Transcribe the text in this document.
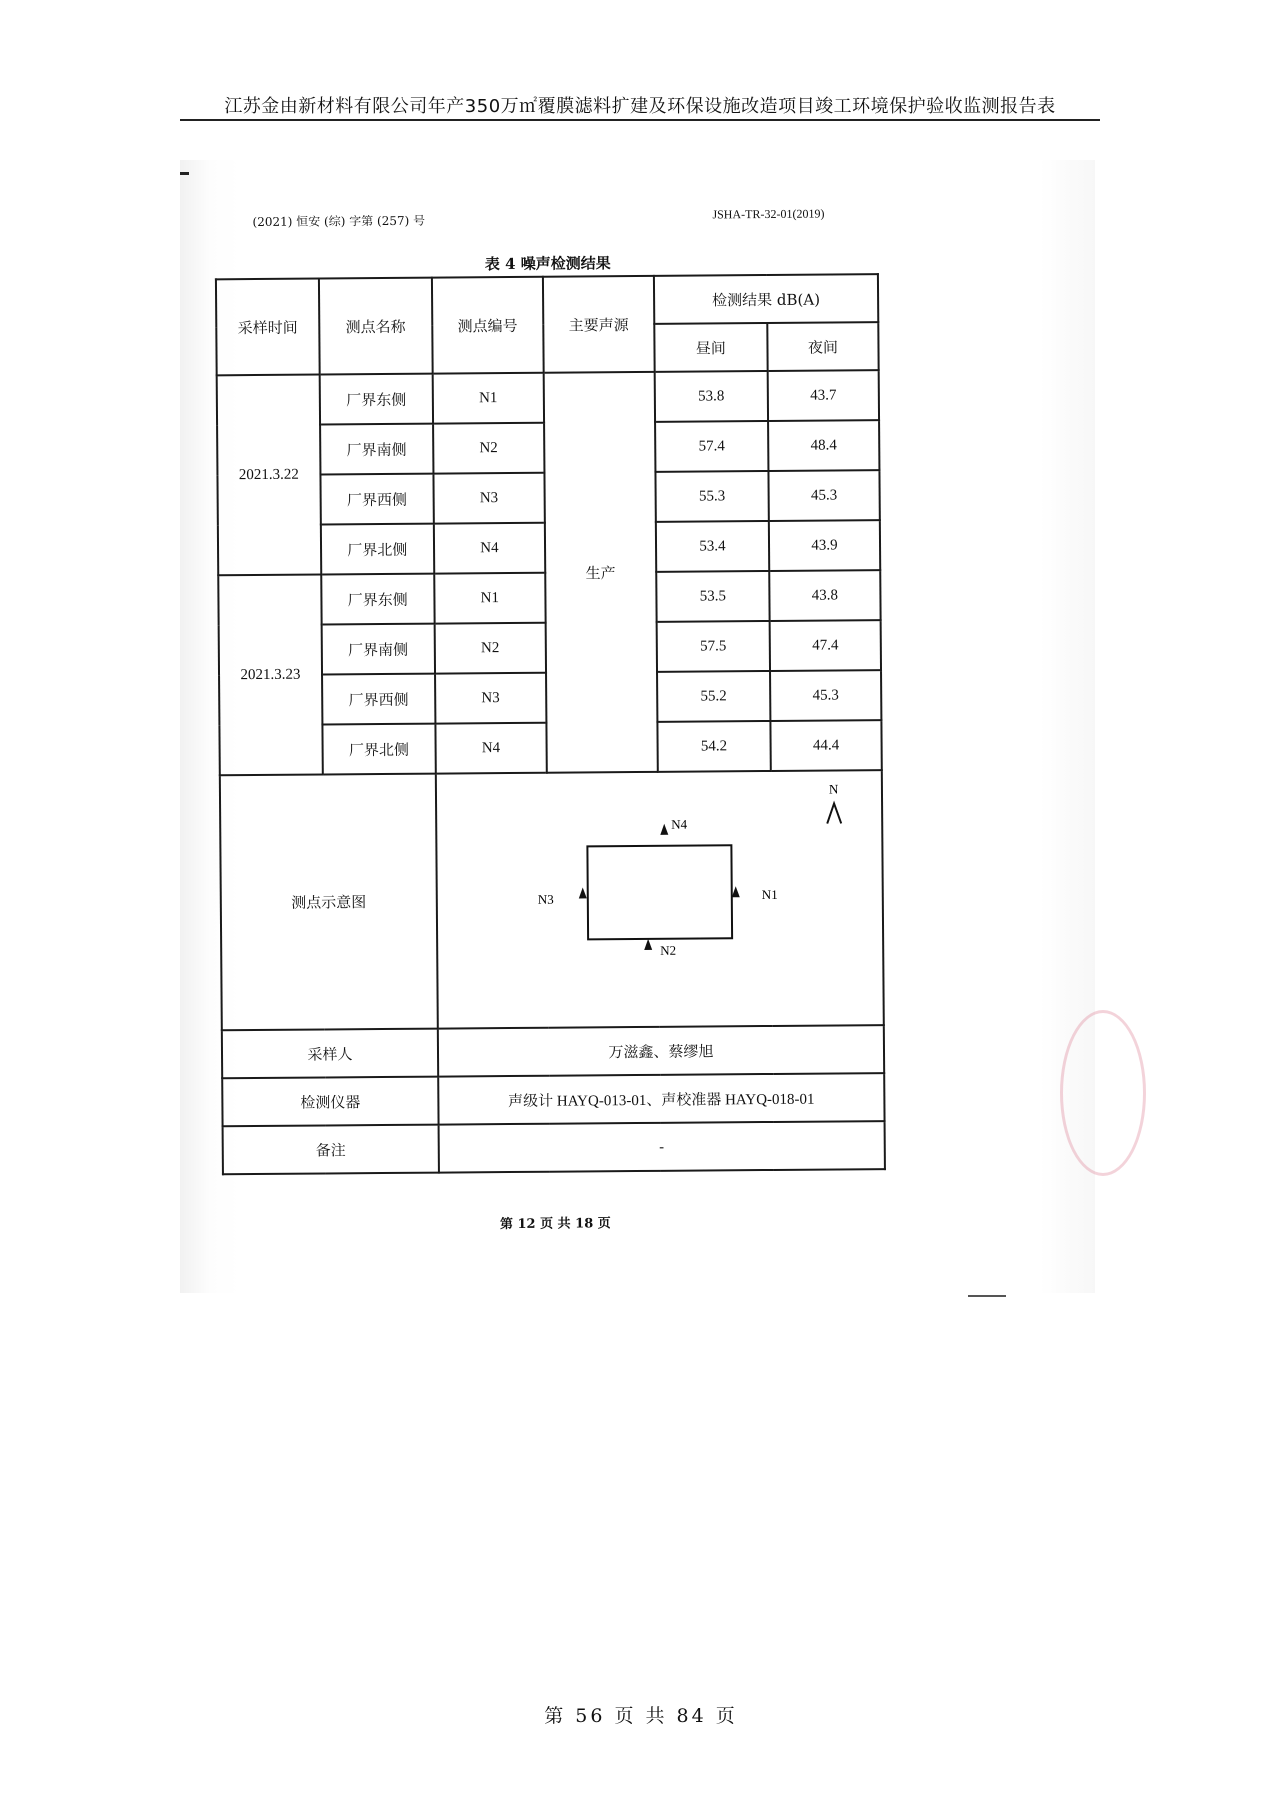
江苏金由新材料有限公司年产350万㎡覆膜滤料扩建及环保设施改造项目竣工环境保护验收监测报告表
(2021) 恒安 (综) 字第 (257) 号	JSHA-TR-32-01(2019)
表 4 噪声检测结果
采样时间	测点名称	测点编号	主要声源	检测结果 dB(A)	
				昼间	夜间
2021.3.22	厂界东侧	N1	生产	53.8	43.7
	厂界南侧	N2		57.4	48.4
	厂界西侧	N3		55.3	45.3
	厂界北侧	N4		53.4	43.9
2021.3.23	厂界东侧	N1		53.5	43.8
	厂界南侧	N2		57.5	47.4
	厂界西侧	N3		55.2	45.3
	厂界北侧	N4		54.2	44.4
测点示意图		N
N4
N1
N3
N2			

采样人		万滋鑫、蔡缪旭			
检测仪器		声级计 HAYQ-013-01、声校准器 HAYQ-018-01			
备注		-			
第 12 页 共 18 页
第 56 页 共 84 页
